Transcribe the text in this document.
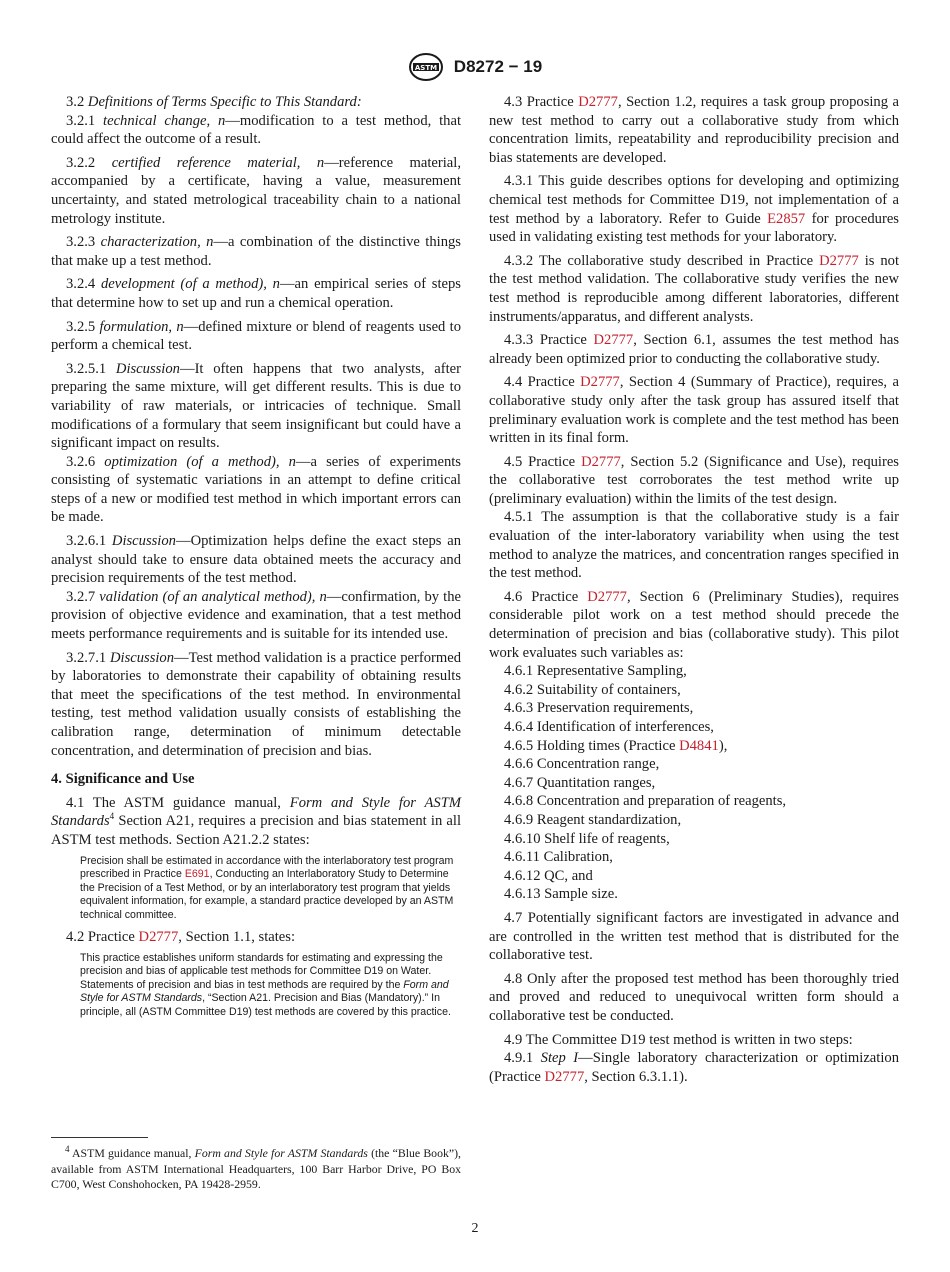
ASTM D8272 − 19

3.2 Definitions of Terms Specific to This Standard:

3.2.1 technical change, n—modification to a test method, that could affect the outcome of a result.

3.2.2 certified reference material, n—reference material, accompanied by a certificate, having a value, measurement uncertainty, and stated metrological traceability chain to a national metrology institute.

3.2.3 characterization, n—a combination of the distinctive things that make up a test method.

3.2.4 development (of a method), n—an empirical series of steps that determine how to set up and run a chemical operation.

3.2.5 formulation, n—defined mixture or blend of reagents used to perform a chemical test.

3.2.5.1 Discussion—It often happens that two analysts, after preparing the same mixture, will get different results. This is due to variability of raw materials, or intricacies of technique. Small modifications of a formulary that seem insignificant but could have a significant impact on results.

3.2.6 optimization (of a method), n—a series of experiments consisting of systematic variations in an attempt to define critical steps of a new or modified test method in which important errors can be made.

3.2.6.1 Discussion—Optimization helps define the exact steps an analyst should take to ensure data obtained meets the accuracy and precision requirements of the test method.

3.2.7 validation (of an analytical method), n—confirmation, by the provision of objective evidence and examination, that a test method meets performance requirements and is suitable for its intended use.

3.2.7.1 Discussion—Test method validation is a practice performed by laboratories to demonstrate their capability of obtaining results that meet the specifications of the test method. In environmental testing, test method validation usually consists of establishing the calibration range, determination of minimum detectable concentration, and determination of precision and bias.

4. Significance and Use

4.1 The ASTM guidance manual, Form and Style for ASTM Standards$^4$ Section A21, requires a precision and bias statement in all ASTM test methods. Section A21.2.2 states:

Precision shall be estimated in accordance with the interlaboratory test program prescribed in Practice E691, Conducting an Interlaboratory Study to Determine the Precision of a Test Method, or by an interlaboratory test program that yields equivalent information, for example, a standard practice developed by an ASTM technical committee.

4.2 Practice D2777, Section 1.1, states:

This practice establishes uniform standards for estimating and expressing the precision and bias of applicable test methods for Committee D19 on Water. Statements of precision and bias in test methods are required by the Form and Style for ASTM Standards, “Section A21. Precision and Bias (Mandatory).” In principle, all (ASTM Committee D19) test methods are covered by this practice.
$^4$ ASTM guidance manual, Form and Style for ASTM Standards (the “Blue Book”), available from ASTM International Headquarters, 100 Barr Harbor Drive, PO Box C700, West Conshohocken, PA 19428-2959.

4.3 Practice D2777, Section 1.2, requires a task group proposing a new test method to carry out a collaborative study from which concentration limits, repeatability and reproducibility precision and bias statements are developed.

4.3.1 This guide describes options for developing and optimizing chemical test methods for Committee D19, not implementation of a test method by a laboratory. Refer to Guide E2857 for procedures used in validating existing test methods for your laboratory.

4.3.2 The collaborative study described in Practice D2777 is not the test method validation. The collaborative study verifies the new test method is reproducible among different laboratories, different instruments/apparatus, and different analysts.

4.3.3 Practice D2777, Section 6.1, assumes the test method has already been optimized prior to conducting the collaborative study.

4.4 Practice D2777, Section 4 (Summary of Practice), requires, a collaborative study only after the task group has assured itself that preliminary evaluation work is complete and the test method has been written in its final form.

4.5 Practice D2777, Section 5.2 (Significance and Use), requires the collaborative test corroborates the test method write up (preliminary evaluation) within the limits of the test design.

4.5.1 The assumption is that the collaborative study is a fair evaluation of the inter-laboratory variability when using the test method to analyze the matrices, and concentration ranges specified in the test method.

4.6 Practice D2777, Section 6 (Preliminary Studies), requires considerable pilot work on a test method should precede the determination of precision and bias (collaborative study). This pilot work evaluates such variables as:

4.6.1 Representative Sampling,

4.6.2 Suitability of containers,

4.6.3 Preservation requirements,

4.6.4 Identification of interferences,

4.6.5 Holding times (Practice D4841),

4.6.6 Concentration range,

4.6.7 Quantitation ranges,

4.6.8 Concentration and preparation of reagents,

4.6.9 Reagent standardization,

4.6.10 Shelf life of reagents,

4.6.11 Calibration,

4.6.12 QC, and

4.6.13 Sample size.

4.7 Potentially significant factors are investigated in advance and are controlled in the written test method that is distributed for the collaborative test.

4.8 Only after the proposed test method has been thoroughly tried and proved and reduced to unequivocal written form should a collaborative test be conducted.

4.9 The Committee D19 test method is written in two steps:

4.9.1 Step I—Single laboratory characterization or optimization (Practice D2777, Section 6.3.1.1).

2
